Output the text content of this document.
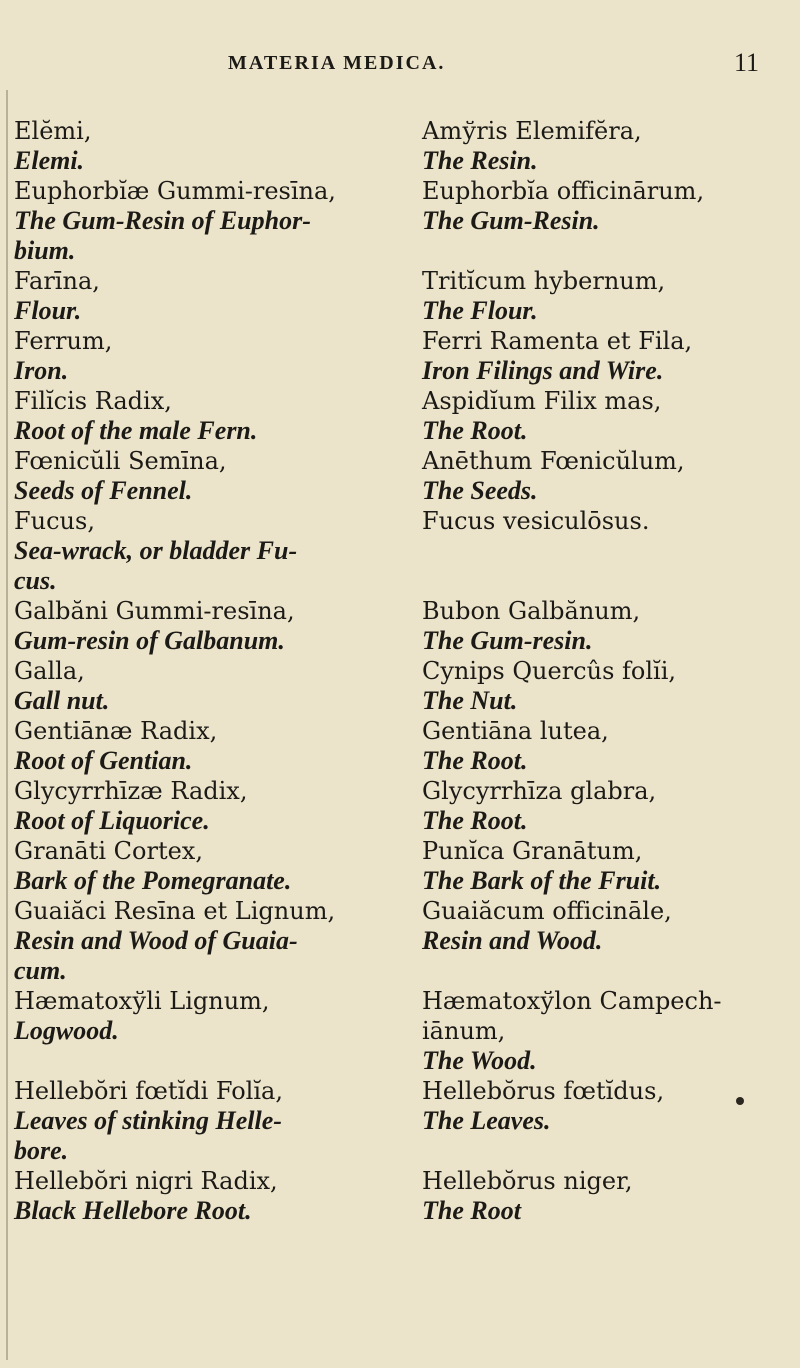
MATERIA MEDICA.	11
Elĕmi,
Elemi.
Euphorbĭæ Gummi-resīna,
The Gum-Resin of Euphor-
bium.
Farīna,
Flour.
Ferrum,
Iron.
Filĭcis Radix,
Root of the male Fern.
Fœnicŭli Semīna,
Seeds of Fennel.
Fucus,
Sea-wrack, or bladder Fu-
cus.
Galbăni Gummi-resīna,
Gum-resin of Galbanum.
Galla,
Gall nut.
Gentiānæ Radix,
Root of Gentian.
Glycyrrhīzæ Radix,
Root of Liquorice.
Granāti Cortex,
Bark of the Pomegranate.
Guaiăci Resīna et Lignum,
Resin and Wood of Guaia-
cum.
Hæmatoxўli Lignum,
Logwood.

Hellebŏri fœtĭdi Folĭa,
Leaves of stinking Helle-
bore.
Hellebŏri nigri Radix,
Black Hellebore Root.
Amўris Elemifĕra,
The Resin.
Euphorbĭa officinārum,
The Gum-Resin.

Tritĭcum hybernum,
The Flour.
Ferri Ramenta et Fila,
Iron Filings and Wire.
Aspidĭum Filix mas,
The Root.
Anēthum Fœnicŭlum,
The Seeds.
Fucus vesiculōsus.

Bubon Galbănum,
The Gum-resin.
Cynips Quercûs folĭi,
The Nut.
Gentiāna lutea,
The Root.
Glycyrrhīza glabra,
The Root.
Punĭca Granātum,
The Bark of the Fruit.
Guaiăcum officināle,
Resin and Wood.

Hæmatoxўlon Campech-
iānum,
The Wood.
Hellebŏrus fœtĭdus,
The Leaves.

Hellebŏrus niger,
The Root
